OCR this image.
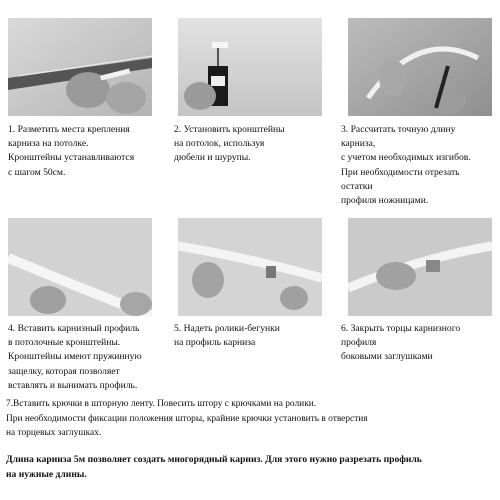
1. Разметить места крепления
карниза на потолке.
Кронштейны устанавливаются
с шагом 50см.
2. Установить кронштейны
на потолок, используя
дюбели и шурупы.
3. Рассчитать точную длину
карниза,
с учетом необходимых изгибов.
При необходимости отрезать
остатки
профиля ножницами.
4. Вставить карнизный профиль
в потолочные кронштейны.
Кронштейны имеют пружинную
защелку, которая позволяет
вставлять и вынимать профиль.
5. Надеть ролики-бегунки
на профиль карниза
6. Закрыть торцы карнизного
профиля
боковыми заглушками
7.Вставить крючки в шторную ленту. Повесить штору с крючками на ролики.
При необходимости фиксации положения шторы, крайние крючки установить в отверстия
на торцевых заглушках.
Длина карниза 5м позволяет создать многорядный карниз. Для этого нужно разрезать профиль
на нужные длины.
